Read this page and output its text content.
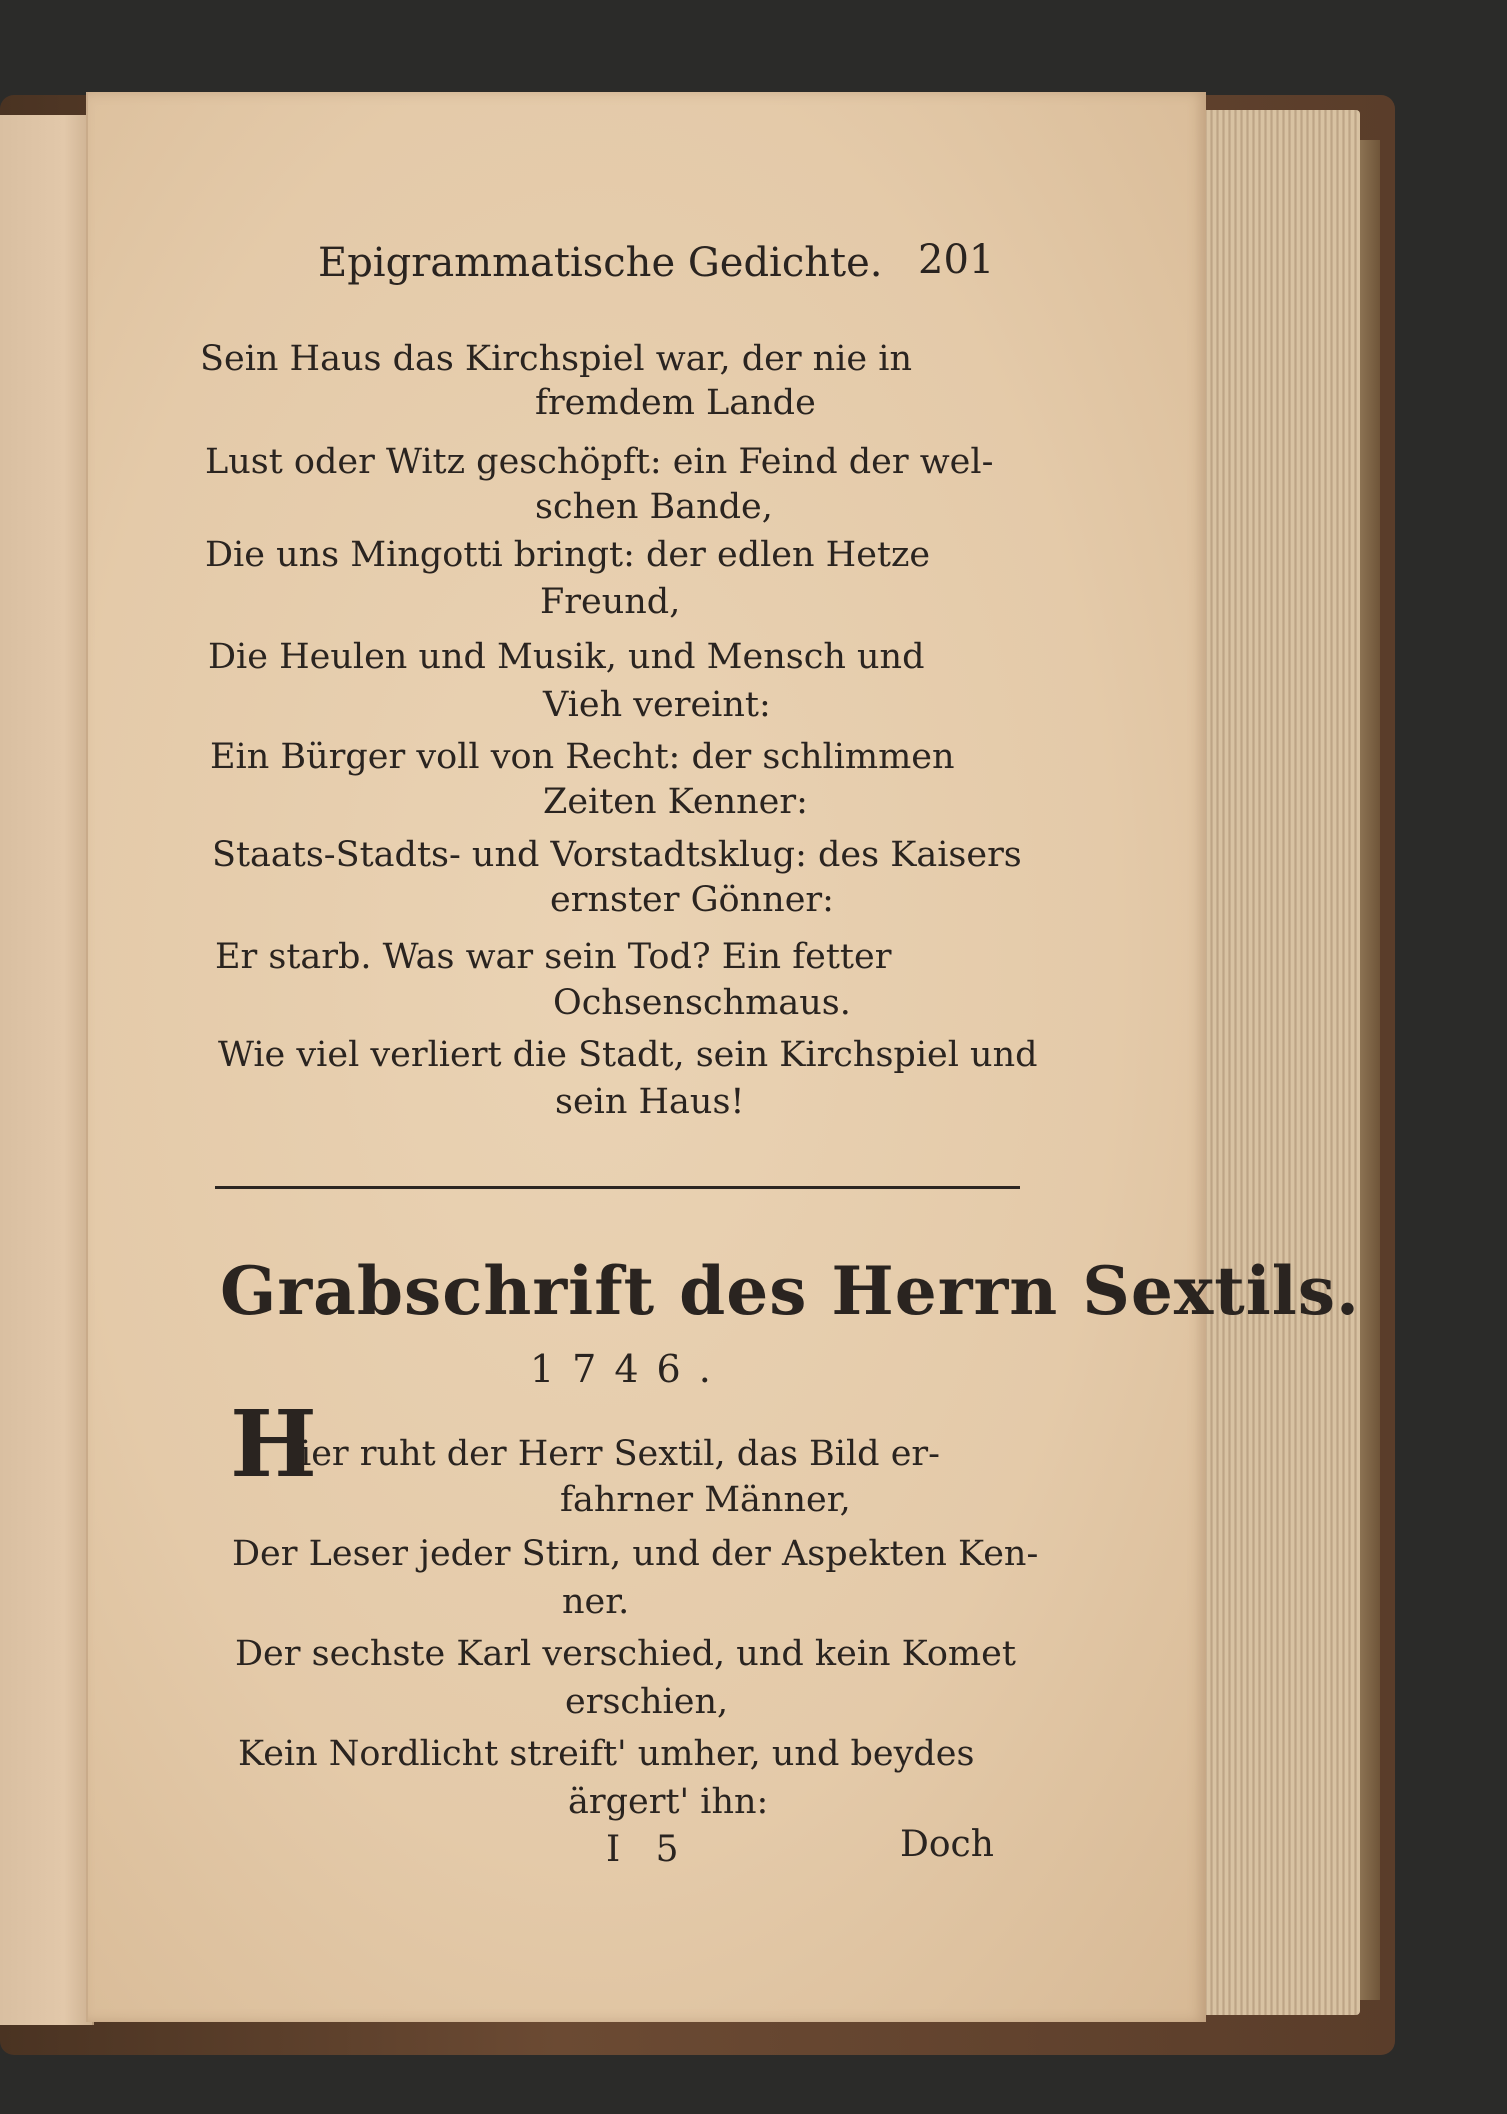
Epigrammatische Gedichte. 201
Sein Haus das Kirchspiel war, der nie in
fremdem Lande
Lust oder Witz geschöpft: ein Feind der wel-
schen Bande,
Die uns Mingotti bringt: der edlen Hetze
Freund,
Die Heulen und Musik, und Mensch und
Vieh vereint:
Ein Bürger voll von Recht: der schlimmen
Zeiten Kenner:
Staats-Stadts- und Vorstadtsklug: des Kaisers
ernster Gönner:
Er starb. Was war sein Tod? Ein fetter
Ochsenschmaus.
Wie viel verliert die Stadt, sein Kirchspiel und
sein Haus!
Grabschrift des Herrn Sextils.
1746.
H
ier ruht der Herr Sextil, das Bild er-
fahrner Männer,
Der Leser jeder Stirn, und der Aspekten Ken-
ner.
Der sechste Karl verschied, und kein Komet
erschien,
Kein Nordlicht streift' umher, und beydes
ärgert' ihn:
I 5	Doch
